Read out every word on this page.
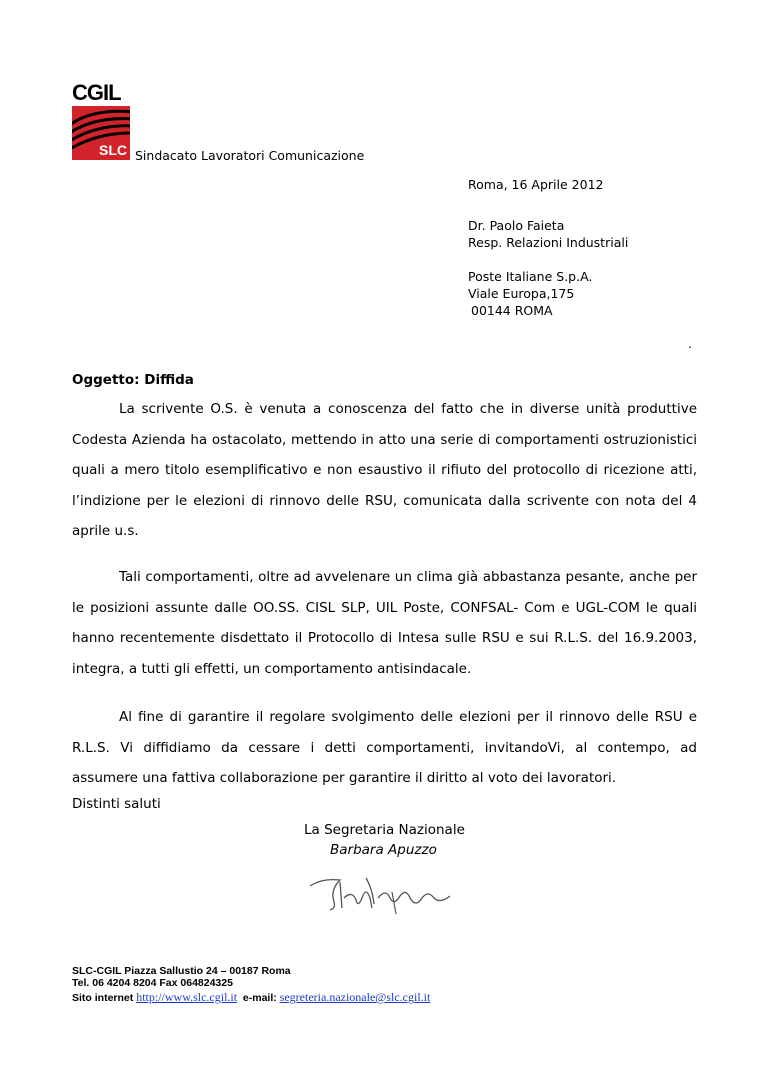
CGIL
SLC Sindacato Lavoratori Comunicazione
Roma, 16 Aprile 2012
Dr. Paolo Faieta
Resp. Relazioni Industriali
Poste Italiane S.p.A.
Viale Europa,175
00144 ROMA
.
Oggetto: Diffida

La scrivente O.S. è venuta a conoscenza del fatto che in diverse unità produttive Codesta Azienda ha ostacolato, mettendo in atto una serie di comportamenti ostruzionistici quali a mero titolo esemplificativo e non esaustivo il rifiuto del protocollo di ricezione atti, l’indizione per le elezioni di rinnovo delle RSU, comunicata dalla scrivente con nota del 4 aprile u.s.

Tali comportamenti, oltre ad avvelenare un clima già abbastanza pesante, anche per le posizioni assunte dalle OO.SS. CISL SLP, UIL Poste, CONFSAL- Com e UGL-COM le quali hanno recentemente disdettato il Protocollo di Intesa sulle RSU e sui R.L.S. del 16.9.2003, integra, a tutti gli effetti, un comportamento antisindacale.

Al fine di garantire il regolare svolgimento delle elezioni per il rinnovo delle RSU e R.L.S. Vi diffidiamo da cessare i detti comportamenti, invitandoVi, al contempo, ad assumere una fattiva collaborazione per garantire il diritto al voto dei lavoratori.

Distinti saluti
La Segretaria Nazionale
Barbara Apuzzo
SLC-CGIL Piazza Sallustio 24 – 00187 Roma
Tel. 06 4204 8204 Fax 064824325
Sito internet http://www.slc.cgil.it e-mail: segreteria.nazionale@slc.cgil.it
